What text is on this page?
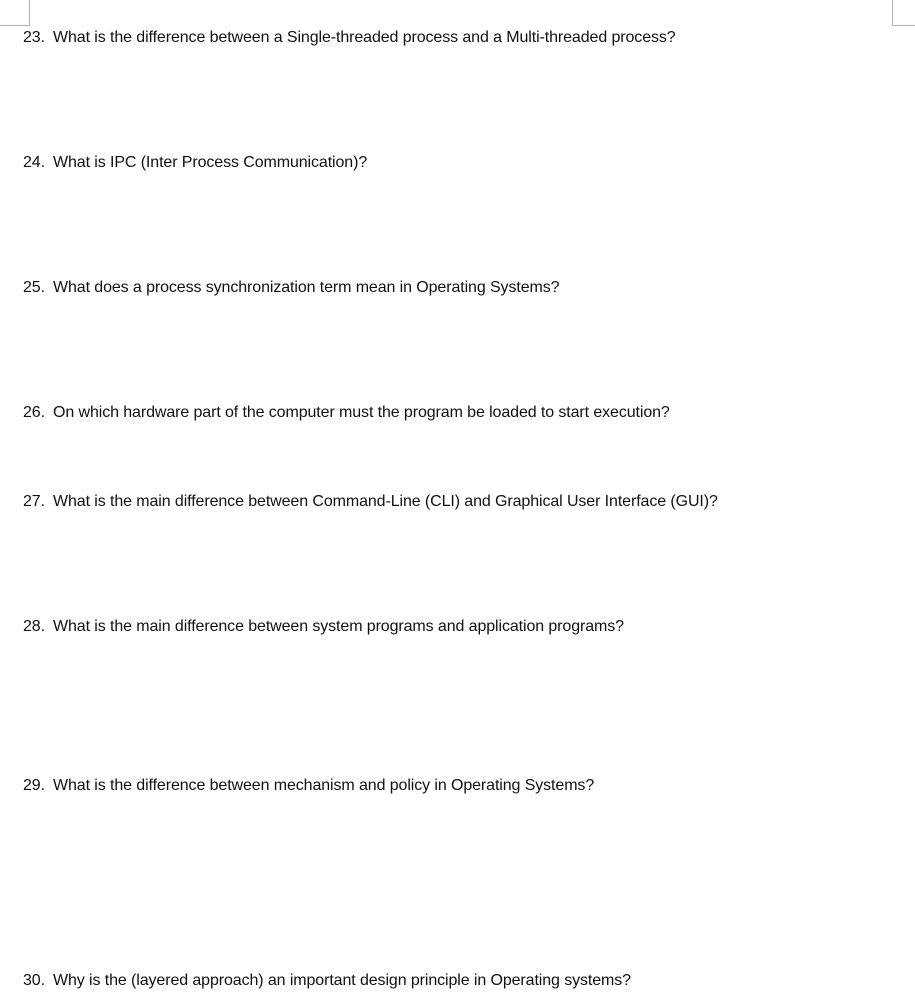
23. What is the difference between a Single-threaded process and a Multi-threaded process?

24. What is IPC (Inter Process Communication)?

25. What does a process synchronization term mean in Operating Systems?

26. On which hardware part of the computer must the program be loaded to start execution?

27. What is the main difference between Command-Line (CLI) and Graphical User Interface (GUI)?

28. What is the main difference between system programs and application programs?

29. What is the difference between mechanism and policy in Operating Systems?

30. Why is the (layered approach) an important design principle in Operating systems?
